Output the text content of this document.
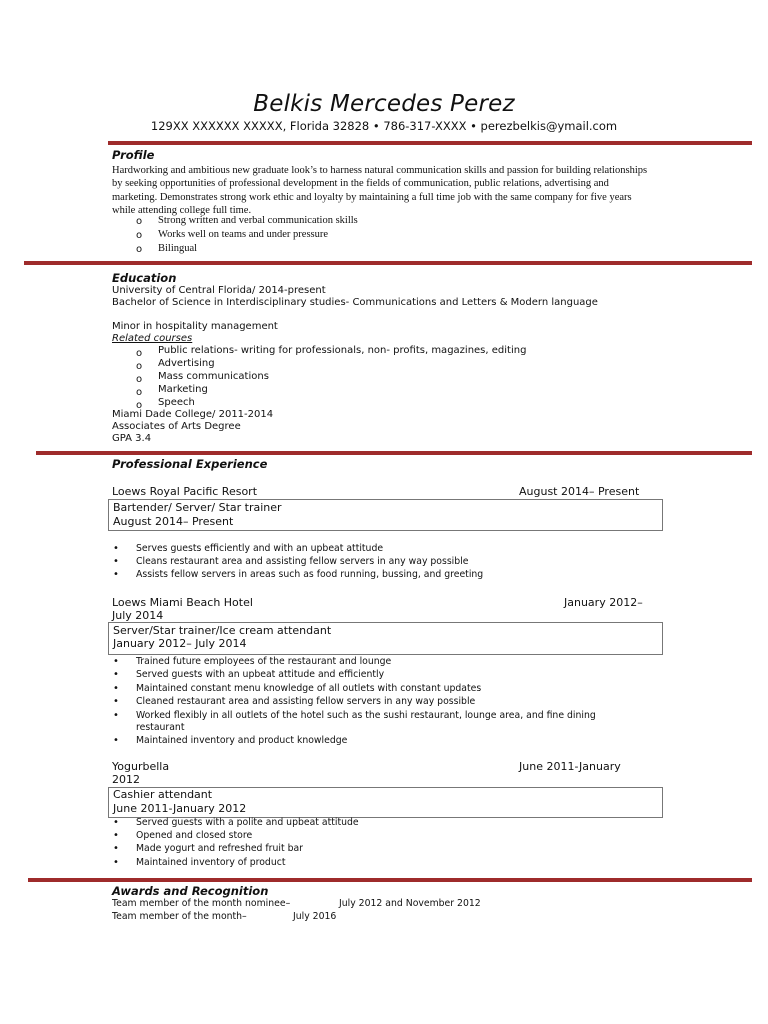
Belkis Mercedes Perez
129XX XXXXXX XXXXX, Florida 32828 • 786-317-XXXX • perezbelkis@ymail.com
Profile
Hardworking and ambitious new graduate look’s to harness natural communication skills and passion for building relationships by seeking opportunities of professional development in the fields of communication, public relations, advertising and marketing. Demonstrates strong work ethic and loyalty by maintaining a full time job with the same company for five years while attending college full time.
o Strong written and verbal communication skills
o Works well on teams and under pressure
o Bilingual
Education
University of Central Florida/ 2014-present
Bachelor of Science in Interdisciplinary studies- Communications and Letters & Modern language
Minor in hospitality management
Related courses
o Public relations- writing for professionals, non- profits, magazines, editing
o Advertising
o Mass communications
o Marketing
o Speech
Miami Dade College/ 2011-2014
Associates of Arts Degree
GPA 3.4
Professional Experience
Loews Royal Pacific Resort	August 2014– Present
Bartender/ Server/ Star trainer
August 2014– Present
• Serves guests efficiently and with an upbeat attitude
• Cleans restaurant area and assisting fellow servers in any way possible
• Assists fellow servers in areas such as food running, bussing, and greeting
Loews Miami Beach Hotel	January 2012–
July 2014
Server/Star trainer/Ice cream attendant
January 2012– July 2014
• Trained future employees of the restaurant and lounge
• Served guests with an upbeat attitude and efficiently
• Maintained constant menu knowledge of all outlets with constant updates
• Cleaned restaurant area and assisting fellow servers in any way possible
• Worked flexibly in all outlets of the hotel such as the sushi restaurant, lounge area, and fine dining
restaurant
• Maintained inventory and product knowledge
Yogurbella	June 2011-January
2012
Cashier attendant
June 2011-January 2012
• Served guests with a polite and upbeat attitude
• Opened and closed store
• Made yogurt and refreshed fruit bar
• Maintained inventory of product
Awards and Recognition
Team member of the month nominee–	July 2012 and November 2012
Team member of the month–	July 2016
